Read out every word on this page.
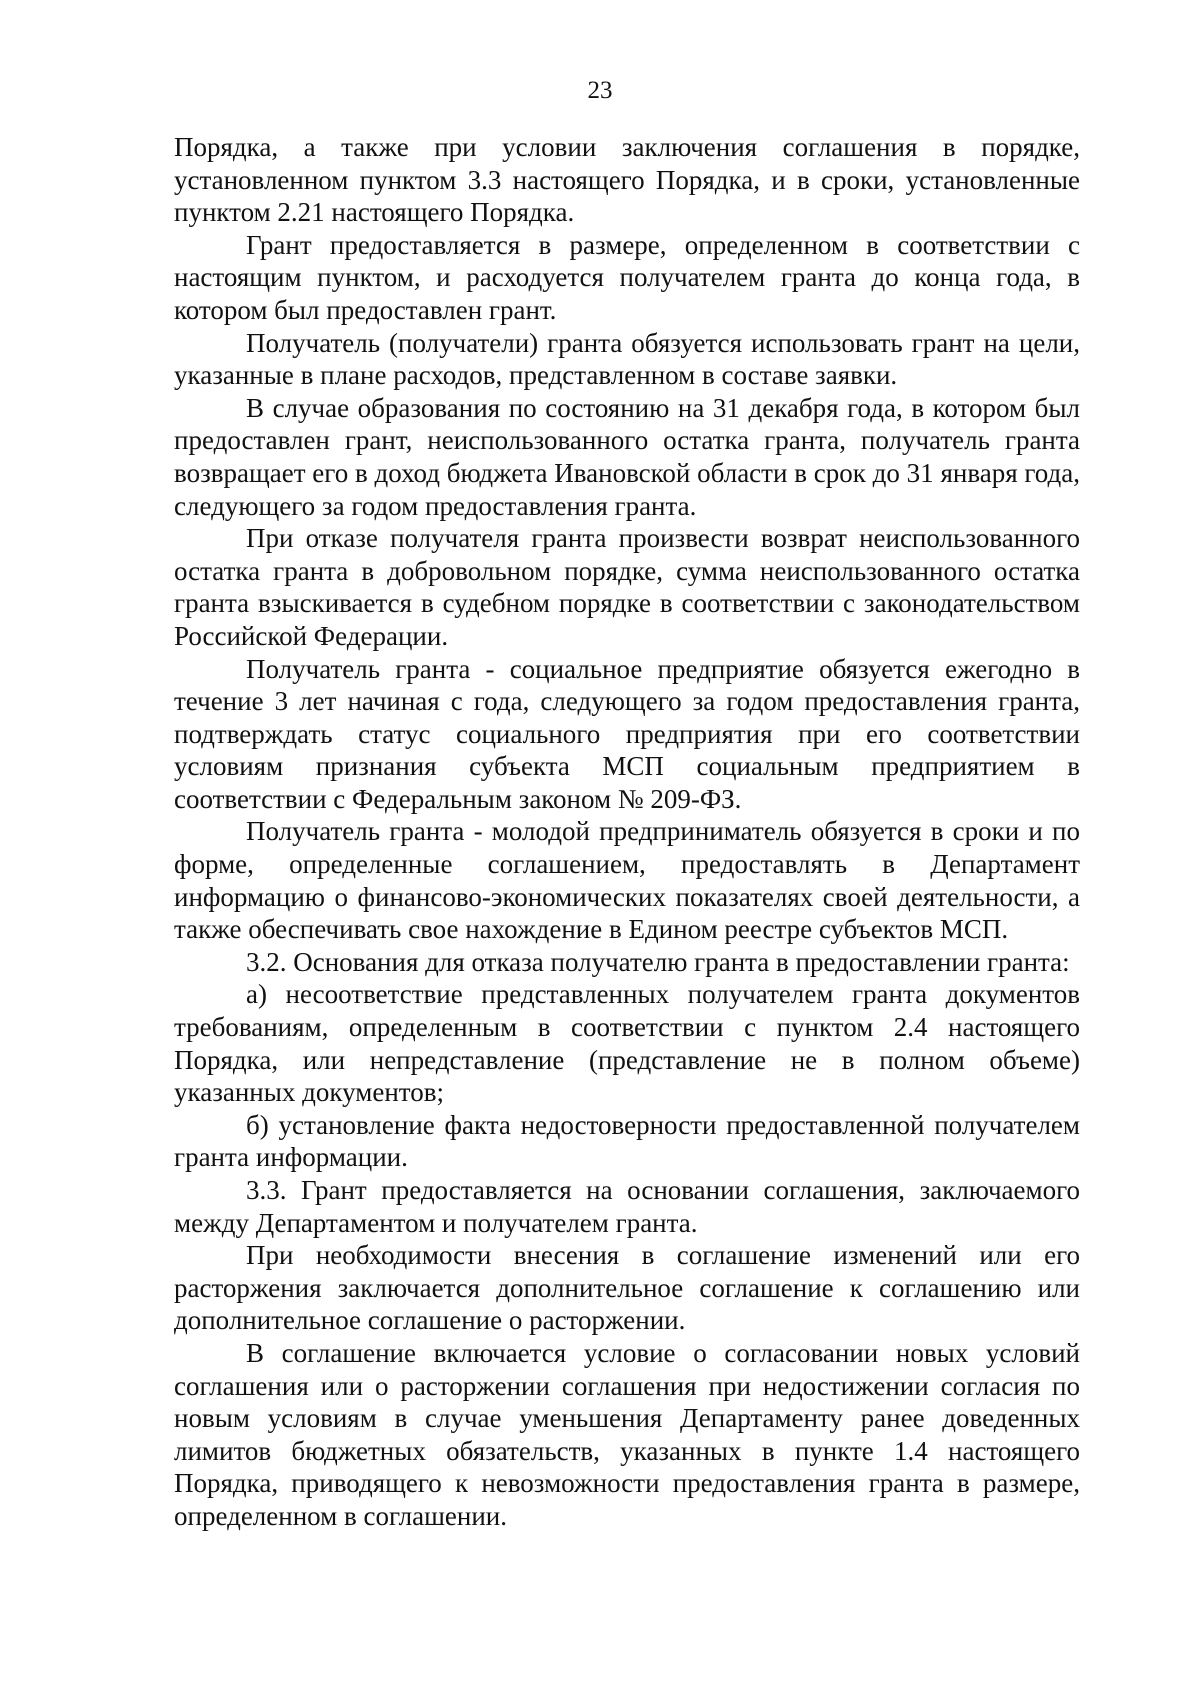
23

Порядка, а также при условии заключения соглашения в порядке, установленном пунктом 3.3 настоящего Порядка, и в сроки, установленные пунктом 2.21 настоящего Порядка.

Грант предоставляется в размере, определенном в соответствии с настоящим пунктом, и расходуется получателем гранта до конца года, в котором был предоставлен грант.

Получатель (получатели) гранта обязуется использовать грант на цели, указанные в плане расходов, представленном в составе заявки.

В случае образования по состоянию на 31 декабря года, в котором был предоставлен грант, неиспользованного остатка гранта, получатель гранта возвращает его в доход бюджета Ивановской области в срок до 31 января года, следующего за годом предоставления гранта.

При отказе получателя гранта произвести возврат неиспользованного остатка гранта в добровольном порядке, сумма неиспользованного остатка гранта взыскивается в судебном порядке в соответствии с законодательством Российской Федерации.

Получатель гранта - социальное предприятие обязуется ежегодно в течение 3 лет начиная с года, следующего за годом предоставления гранта, подтверждать статус социального предприятия при его соответствии условиям признания субъекта МСП социальным предприятием в соответствии с Федеральным законом № 209-ФЗ.

Получатель гранта - молодой предприниматель обязуется в сроки и по форме, определенные соглашением, предоставлять в Департамент информацию о финансово-экономических показателях своей деятельности, а также обеспечивать свое нахождение в Едином реестре субъектов МСП.

3.2. Основания для отказа получателю гранта в предоставлении гранта:

а) несоответствие представленных получателем гранта документов требованиям, определенным в соответствии с пунктом 2.4 настоящего Порядка, или непредставление (представление не в полном объеме) указанных документов;

б) установление факта недостоверности предоставленной получателем гранта информации.

3.3. Грант предоставляется на основании соглашения, заключаемого между Департаментом и получателем гранта.

При необходимости внесения в соглашение изменений или его расторжения заключается дополнительное соглашение к соглашению или дополнительное соглашение о расторжении.

В соглашение включается условие о согласовании новых условий соглашения или о расторжении соглашения при недостижении согласия по новым условиям в случае уменьшения Департаменту ранее доведенных лимитов бюджетных обязательств, указанных в пункте 1.4 настоящего Порядка, приводящего к невозможности предоставления гранта в размере, определенном в соглашении.
